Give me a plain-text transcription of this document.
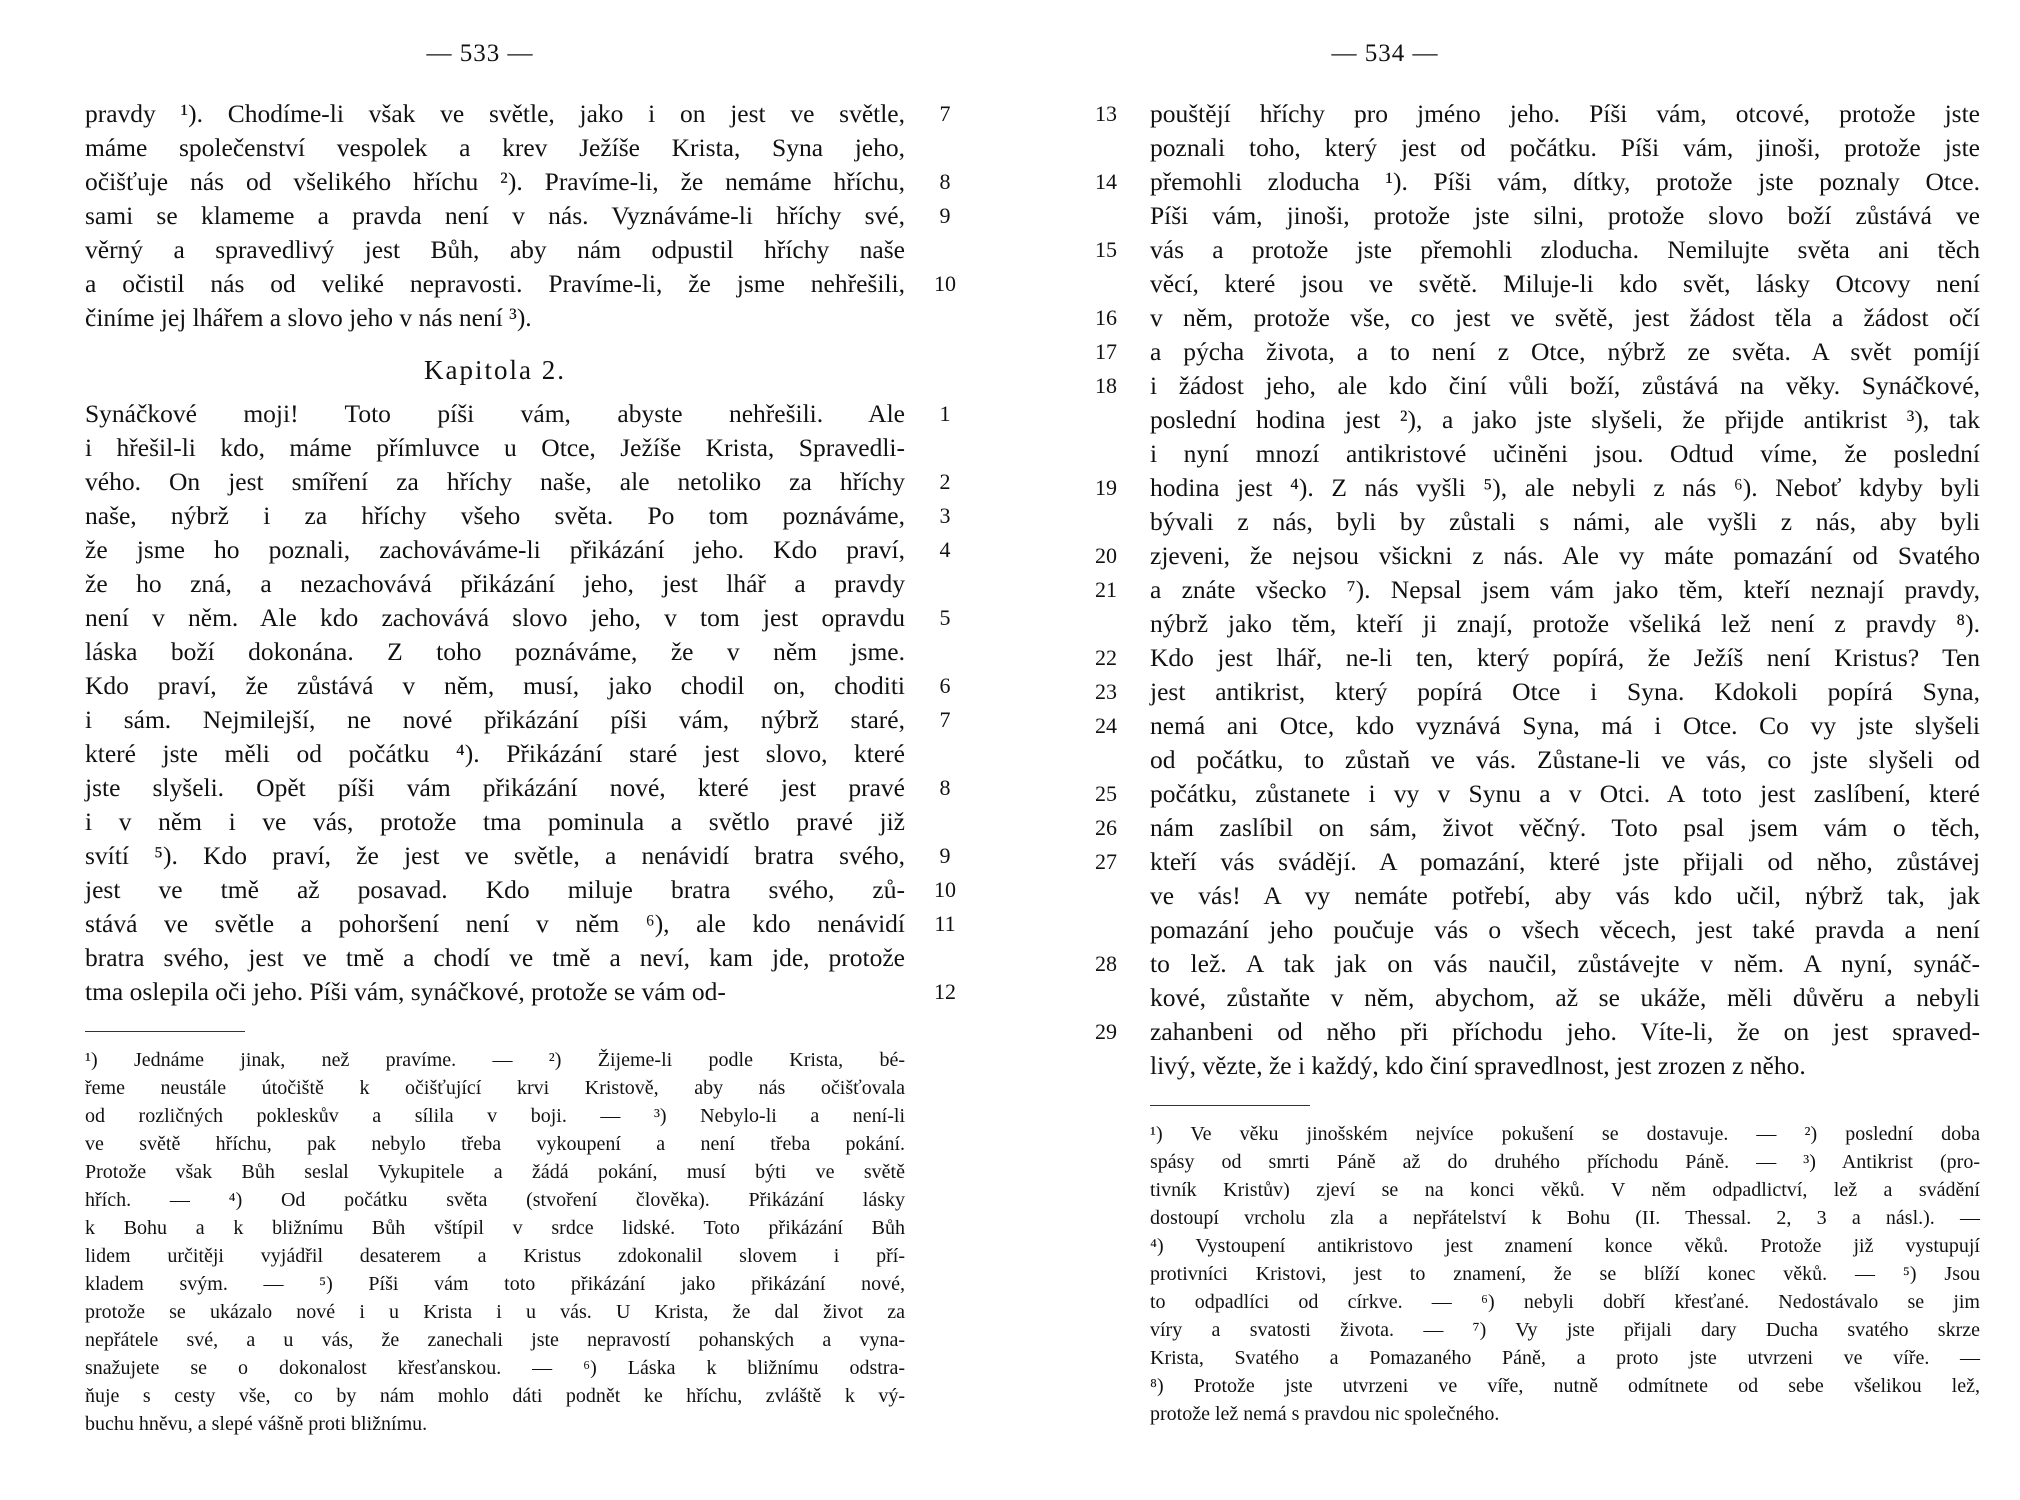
— 533 —
pravdy ¹). Chodíme-li však ve světle, jako i on jest ve světle,	7
máme společenství vespolek a krev Ježíše Krista, Syna jeho,
očišťuje nás od všelikého hříchu ²). Pravíme-li, že nemáme hříchu,	8
sami se klameme a pravda není v nás. Vyznáváme-li hříchy své,	9
věrný a spravedlivý jest Bůh, aby nám odpustil hříchy naše
a očistil nás od veliké nepravosti. Pravíme-li, že jsme nehřešili,	10
činíme jej lhářem a slovo jeho v nás není ³).
Kapitola 2.
Synáčkové moji! Toto píši vám, abyste nehřešili. Ale	1
i hřešil-li kdo, máme přímluvce u Otce, Ježíše Krista, Spravedli-
vého. On jest smíření za hříchy naše, ale netoliko za hříchy	2
naše, nýbrž i za hříchy všeho světa. Po tom poznáváme,	3
že jsme ho poznali, zachováváme-li přikázání jeho. Kdo praví,	4
že ho zná, a nezachovává přikázání jeho, jest lhář a pravdy
není v něm. Ale kdo zachovává slovo jeho, v tom jest opravdu	5
láska boží dokonána. Z toho poznáváme, že v něm jsme.
Kdo praví, že zůstává v něm, musí, jako chodil on, choditi	6
i sám. Nejmilejší, ne nové přikázání píši vám, nýbrž staré,	7
které jste měli od počátku ⁴). Přikázání staré jest slovo, které
jste slyšeli. Opět píši vám přikázání nové, které jest pravé	8
i v něm i ve vás, protože tma pominula a světlo pravé již
svítí ⁵). Kdo praví, že jest ve světle, a nenávidí bratra svého,	9
jest ve tmě až posavad. Kdo miluje bratra svého, zů-	10
stává ve světle a pohoršení není v něm ⁶), ale kdo nenávidí	11
bratra svého, jest ve tmě a chodí ve tmě a neví, kam jde, protože
tma oslepila oči jeho. Píši vám, synáčkové, protože se vám od-	12
¹) Jednáme jinak, než pravíme. — ²) Žijeme-li podle Krista, bé-
řeme neustále útočiště k očišťující krvi Kristově, aby nás očišťovala
od rozličných pokleskův a sílila v boji. — ³) Nebylo-li a není-li
ve světě hříchu, pak nebylo třeba vykoupení a není třeba pokání.
Protože však Bůh seslal Vykupitele a žádá pokání, musí býti ve světě
hřích. — ⁴) Od počátku světa (stvoření člověka). Přikázání lásky
k Bohu a k bližnímu Bůh vštípil v srdce lidské. Toto přikázání Bůh
lidem určitěji vyjádřil desaterem a Kristus zdokonalil slovem i pří-
kladem svým. — ⁵) Píši vám toto přikázání jako přikázání nové,
protože se ukázalo nové i u Krista i u vás. U Krista, že dal život za
nepřátele své, a u vás, že zanechali jste nepravostí pohanských a vyna-
snažujete se o dokonalost křesťanskou. — ⁶) Láska k bližnímu odstra-
ňuje s cesty vše, co by nám mohlo dáti podnět ke hříchu, zvláště k vý-
buchu hněvu, a slepé vášně proti bližnímu.
— 534 —
pouštějí hříchy pro jméno jeho. Píši vám, otcové, protože jste
13
poznali toho, který jest od počátku. Píši vám, jinoši, protože jste
přemohli zloducha ¹). Píši vám, dítky, protože jste poznaly Otce.
14
Píši vám, jinoši, protože jste silni, protože slovo boží zůstává ve
vás a protože jste přemohli zloducha. Nemilujte světa ani těch
15
věcí, které jsou ve světě. Miluje-li kdo svět, lásky Otcovy není
v něm, protože vše, co jest ve světě, jest žádost těla a žádost očí
16
a pýcha života, a to není z Otce, nýbrž ze světa. A svět pomíjí
17
i žádost jeho, ale kdo činí vůli boží, zůstává na věky. Synáčkové,
18
poslední hodina jest ²), a jako jste slyšeli, že přijde antikrist ³), tak
i nyní mnozí antikristové učiněni jsou. Odtud víme, že poslední
hodina jest ⁴). Z nás vyšli ⁵), ale nebyli z nás ⁶). Neboť kdyby byli
19
bývali z nás, byli by zůstali s námi, ale vyšli z nás, aby byli
zjeveni, že nejsou všickni z nás. Ale vy máte pomazání od Svatého
20
a znáte všecko ⁷). Nepsal jsem vám jako těm, kteří neznají pravdy,
21
nýbrž jako těm, kteří ji znají, protože všeliká lež není z pravdy ⁸).
Kdo jest lhář, ne-li ten, který popírá, že Ježíš není Kristus? Ten
22
jest antikrist, který popírá Otce i Syna. Kdokoli popírá Syna,
23
nemá ani Otce, kdo vyznává Syna, má i Otce. Co vy jste slyšeli
24
od počátku, to zůstaň ve vás. Zůstane-li ve vás, co jste slyšeli od
počátku, zůstanete i vy v Synu a v Otci. A toto jest zaslíbení, které
25
nám zaslíbil on sám, život věčný. Toto psal jsem vám o těch,
26
kteří vás svádějí. A pomazání, které jste přijali od něho, zůstávej
27
ve vás! A vy nemáte potřebí, aby vás kdo učil, nýbrž tak, jak
pomazání jeho poučuje vás o všech věcech, jest také pravda a není
to lež. A tak jak on vás naučil, zůstávejte v něm. A nyní, synáč-
28
kové, zůstaňte v něm, abychom, až se ukáže, měli důvěru a nebyli
zahanbeni od něho při příchodu jeho. Víte-li, že on jest spraved-
29
livý, vězte, že i každý, kdo činí spravedlnost, jest zrozen z něho.
¹) Ve věku jinošském nejvíce pokušení se dostavuje. — ²) poslední doba
spásy od smrti Páně až do druhého příchodu Páně. — ³) Antikrist (pro-
tivník Kristův) zjeví se na konci věků. V něm odpadlictví, lež a svádění
dostoupí vrcholu zla a nepřátelství k Bohu (II. Thessal. 2, 3 a násl.). —
⁴) Vystoupení antikristovo jest znamení konce věků. Protože již vystupují
protivníci Kristovi, jest to znamení, že se blíží konec věků. — ⁵) Jsou
to odpadlíci od církve. — ⁶) nebyli dobří křesťané. Nedostávalo se jim
víry a svatosti života. — ⁷) Vy jste přijali dary Ducha svatého skrze
Krista, Svatého a Pomazaného Páně, a proto jste utvrzeni ve víře. —
⁸) Protože jste utvrzeni ve víře, nutně odmítnete od sebe všelikou lež,
protože lež nemá s pravdou nic společného.
